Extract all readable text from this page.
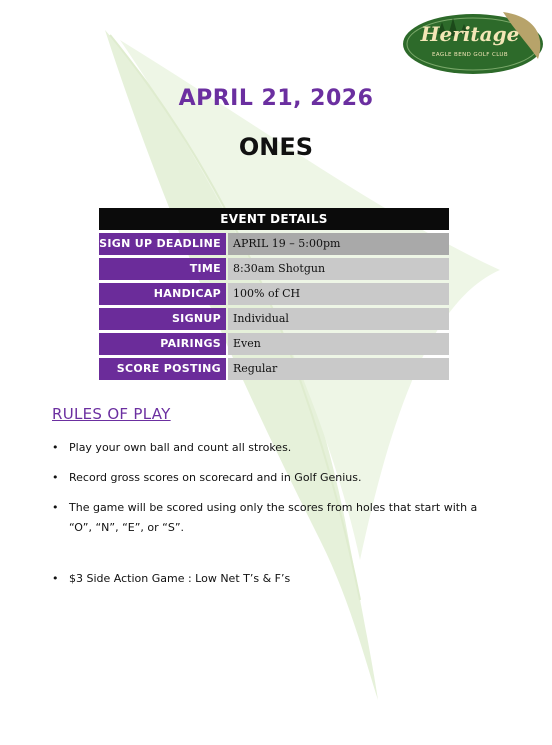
Heritage
EAGLE BEND GOLF CLUB
APRIL 21, 2026
ONES
EVENT DETAILS
SIGN UP DEADLINE	APRIL 19 – 5:00pm
TIME	8:30am Shotgun
HANDICAP	100% of CH
SIGNUP	Individual
PAIRINGS	Even
SCORE POSTING	Regular
RULES OF PLAY
• Play your own ball and count all strokes.
• Record gross scores on scorecard and in Golf Genius.
• The game will be scored using only the scores from holes that start with a “O”, “N”, “E”, or “S”.
• $3 Side Action Game : Low Net T’s & F’s
